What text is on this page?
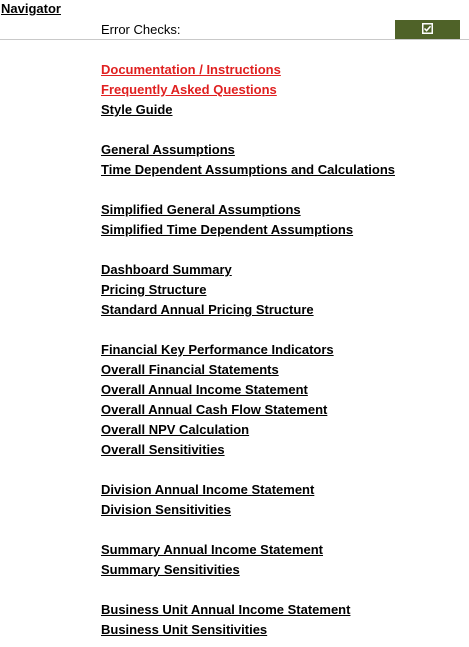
Navigator
Error Checks:
Documentation / Instructions
Frequently Asked Questions
Style Guide
General Assumptions
Time Dependent Assumptions and Calculations
Simplified General Assumptions
Simplified Time Dependent Assumptions
Dashboard Summary
Pricing Structure
Standard Annual Pricing Structure
Financial Key Performance Indicators
Overall Financial Statements
Overall Annual Income Statement
Overall Annual Cash Flow Statement
Overall NPV Calculation
Overall Sensitivities
Division Annual Income Statement
Division Sensitivities
Summary Annual Income Statement
Summary Sensitivities
Business Unit Annual Income Statement
Business Unit Sensitivities
